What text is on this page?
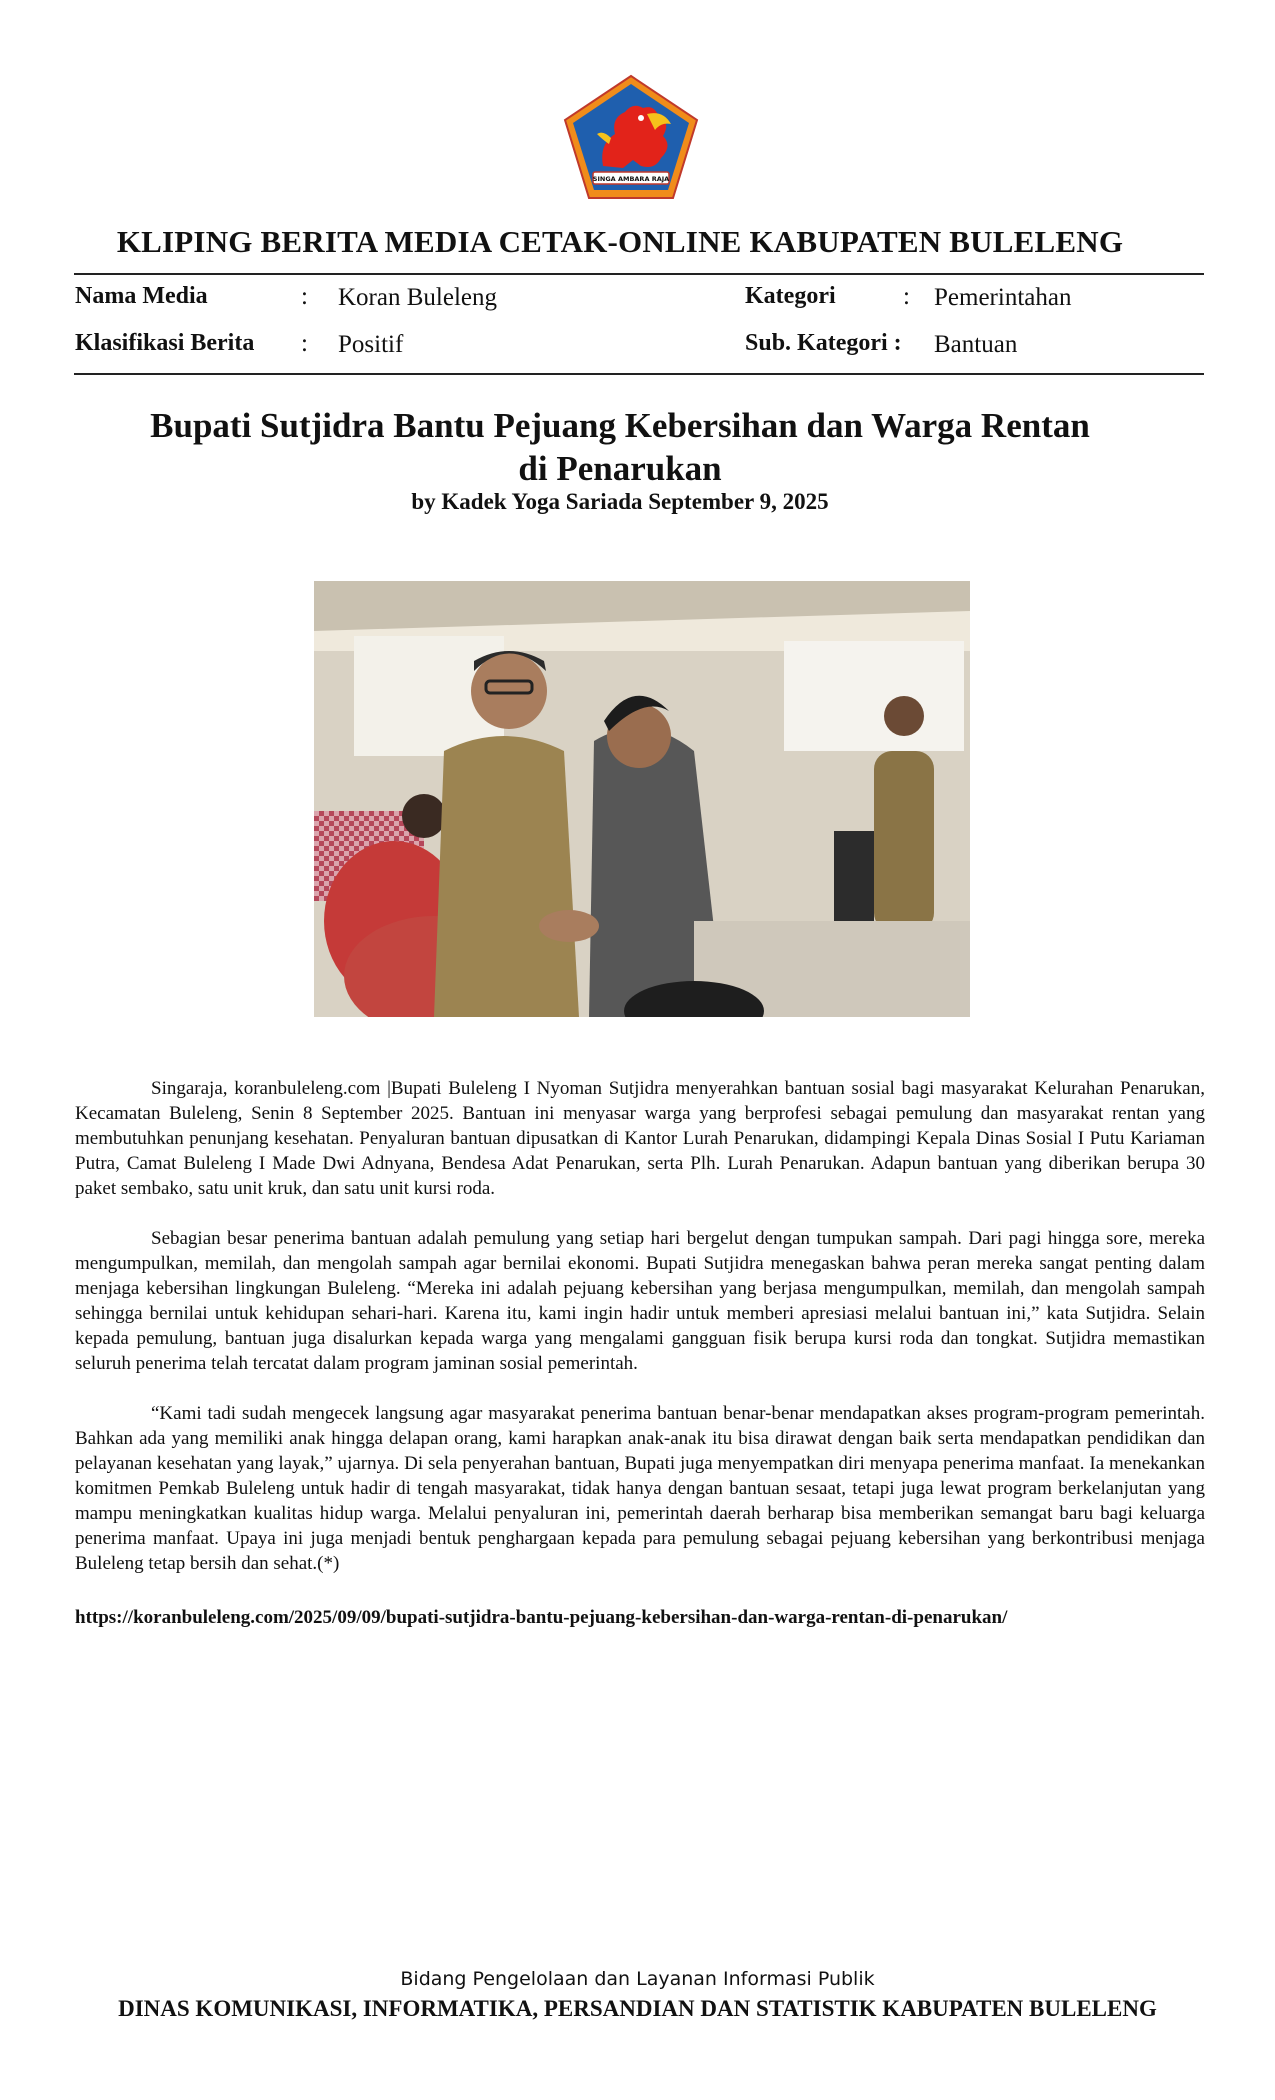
SINGA AMBARA RAJA
KLIPING BERITA MEDIA CETAK-ONLINE KABUPATEN BULELENG
Nama Media	: Koran Buleleng	Kategori	: Pemerintahan
Klasifikasi Berita : Positif	Sub. Kategori : Bantuan
Bupati Sutjidra Bantu Pejuang Kebersihan dan Warga Rentan
di Penarukan
by Kadek Yoga Sariada September 9, 2025

Singaraja, koranbuleleng.com |Bupati Buleleng I Nyoman Sutjidra menyerahkan bantuan sosial bagi masyarakat Kelurahan Penarukan, Kecamatan Buleleng, Senin 8 September 2025. Bantuan ini menyasar warga yang berprofesi sebagai pemulung dan masyarakat rentan yang membutuhkan penunjang kesehatan. Penyaluran bantuan dipusatkan di Kantor Lurah Penarukan, didampingi Kepala Dinas Sosial I Putu Kariaman Putra, Camat Buleleng I Made Dwi Adnyana, Bendesa Adat Penarukan, serta Plh. Lurah Penarukan. Adapun bantuan yang diberikan berupa 30 paket sembako, satu unit kruk, dan satu unit kursi roda.

Sebagian besar penerima bantuan adalah pemulung yang setiap hari bergelut dengan tumpukan sampah. Dari pagi hingga sore, mereka mengumpulkan, memilah, dan mengolah sampah agar bernilai ekonomi. Bupati Sutjidra menegaskan bahwa peran mereka sangat penting dalam menjaga kebersihan lingkungan Buleleng. “Mereka ini adalah pejuang kebersihan yang berjasa mengumpulkan, memilah, dan mengolah sampah sehingga bernilai untuk kehidupan sehari-hari. Karena itu, kami ingin hadir untuk memberi apresiasi melalui bantuan ini,” kata Sutjidra. Selain kepada pemulung, bantuan juga disalurkan kepada warga yang mengalami gangguan fisik berupa kursi roda dan tongkat. Sutjidra memastikan seluruh penerima telah tercatat dalam program jaminan sosial pemerintah.

“Kami tadi sudah mengecek langsung agar masyarakat penerima bantuan benar-benar mendapatkan akses program-program pemerintah. Bahkan ada yang memiliki anak hingga delapan orang, kami harapkan anak-anak itu bisa dirawat dengan baik serta mendapatkan pendidikan dan pelayanan kesehatan yang layak,” ujarnya. Di sela penyerahan bantuan, Bupati juga menyempatkan diri menyapa penerima manfaat. Ia menekankan komitmen Pemkab Buleleng untuk hadir di tengah masyarakat, tidak hanya dengan bantuan sesaat, tetapi juga lewat program berkelanjutan yang mampu meningkatkan kualitas hidup warga. Melalui penyaluran ini, pemerintah daerah berharap bisa memberikan semangat baru bagi keluarga penerima manfaat. Upaya ini juga menjadi bentuk penghargaan kepada para pemulung sebagai pejuang kebersihan yang berkontribusi menjaga Buleleng tetap bersih dan sehat.(*)

https://koranbuleleng.com/2025/09/09/bupati-sutjidra-bantu-pejuang-kebersihan-dan-warga-rentan-di-penarukan/
Bidang Pengelolaan dan Layanan Informasi Publik
DINAS KOMUNIKASI, INFORMATIKA, PERSANDIAN DAN STATISTIK KABUPATEN BULELENG
